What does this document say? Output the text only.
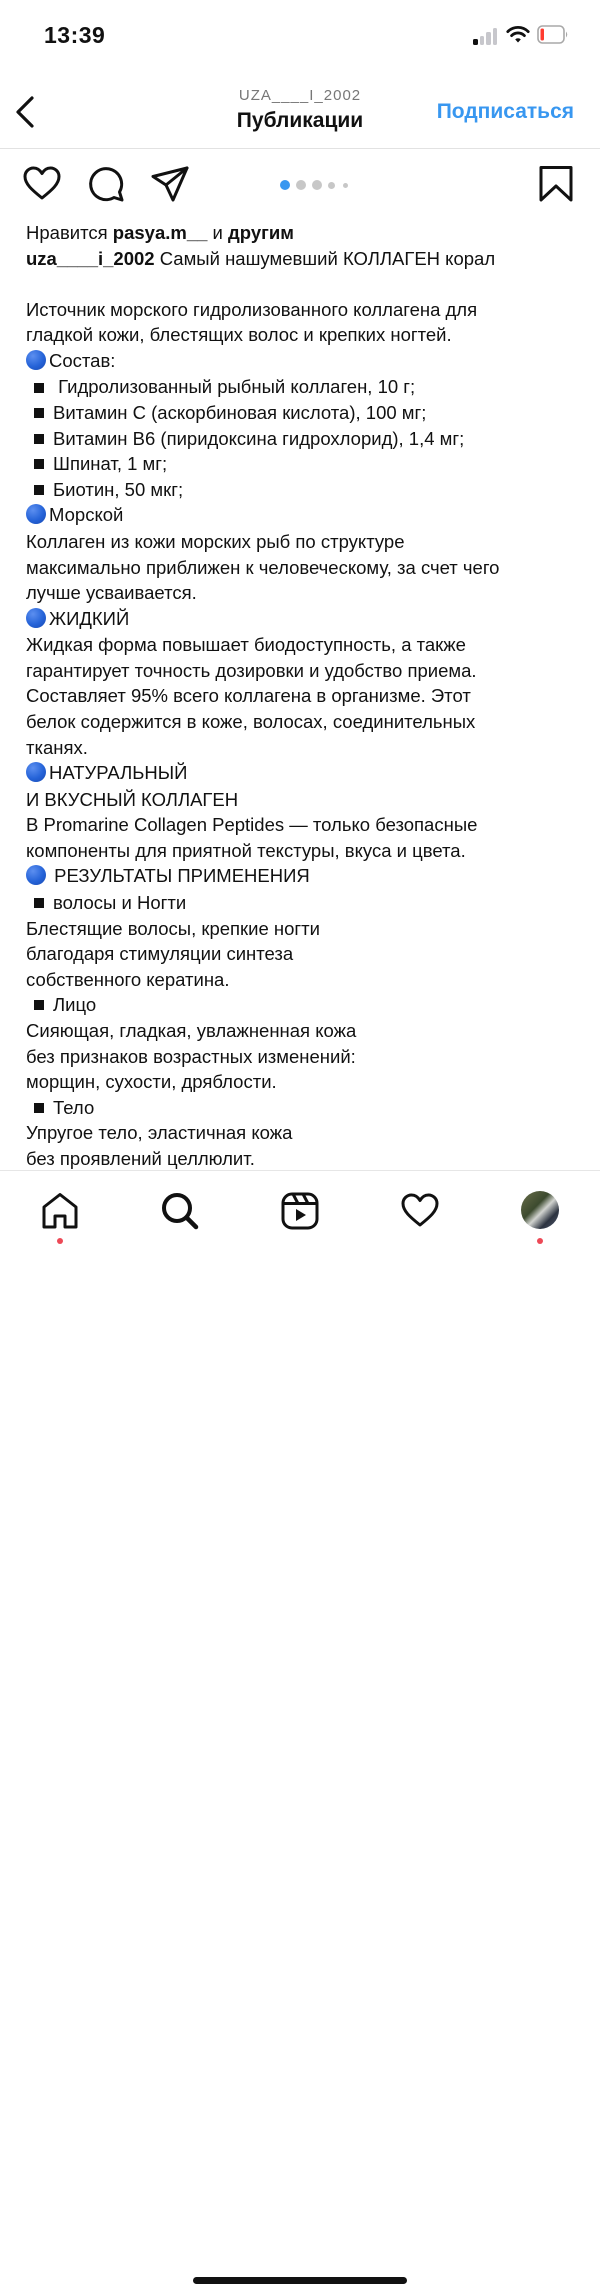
13:39
UZA____I_2002
Публикации	Подписаться
Нравится pasya.m__ и другим
uza____i_2002 Самый нашумевший КОЛЛАГЕН корал
Источник морского гидролизованного коллагена для
гладкой кожи, блестящих волос и крепких ногтей.
Состав:
Гидролизованный рыбный коллаген, 10 г;
Витамин С (аскорбиновая кислота), 100 мг;
Витамин В6 (пиридоксина гидрохлорид), 1,4 мг;
Шпинат, 1 мг;
Биотин, 50 мкг;
Морской
Коллаген из кожи морских рыб по структуре
максимально приближен к человеческому, за счет чего
лучше усваивается.
ЖИДКИЙ
Жидкая форма повышает биодоступность, а также
гарантирует точность дозировки и удобство приема.
Составляет 95% всего коллагена в организме. Этот
белок содержится в коже, волосах, соединительных
тканях.
НАТУРАЛЬНЫЙ
И ВКУСНЫЙ КОЛЛАГЕН
В Promarine Collagen Peptides — только безопасные
компоненты для приятной текстуры, вкуса и цвета.
РЕЗУЛЬТАТЫ ПРИМЕНЕНИЯ
волосы и Ногти
Блестящие волосы, крепкие ногти
благодаря стимуляции синтеза
собственного кератина.
Лицо
Сияющая, гладкая, увлажненная кожа
без признаков возрастных изменений:
морщин, сухости, дряблости.
Тело
Упругое тело, эластичная кожа
без проявлений целлюлит.
